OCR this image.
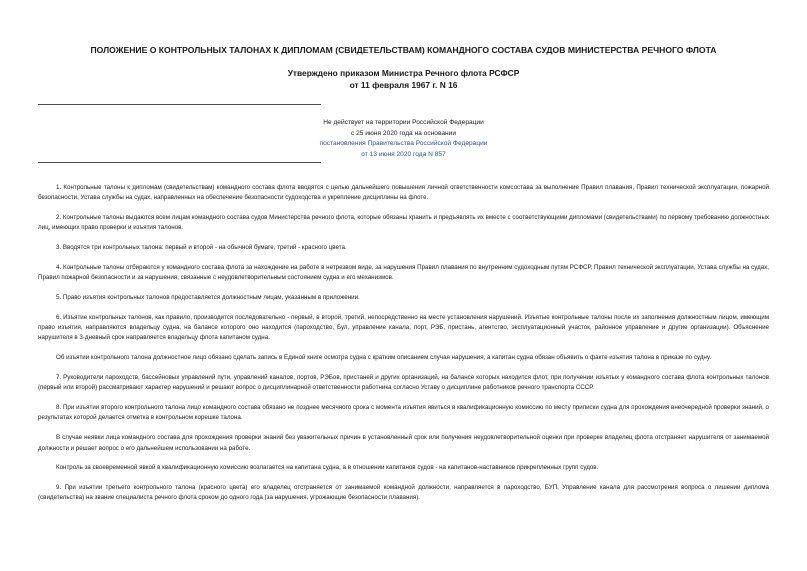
ПОЛОЖЕНИЕ О КОНТРОЛЬНЫХ ТАЛОНАХ К ДИПЛОМАМ (СВИДЕТЕЛЬСТВАМ) КОМАНДНОГО СОСТАВА СУДОВ МИНИСТЕРСТВА РЕЧНОГО ФЛОТА
Утверждено приказом Министра Речного флота РСФСР
от 11 февраля 1967 г. N 16
Не действует на территории Российской Федерации
с 25 июня 2020 года на основании
постановления Правительства Российской Федерации
от 13 июня 2020 года N 857

1. Контрольные талоны к дипломам (свидетельствам) командного состава флота вводятся с целью дальнейшего повышения личной ответственности комсостава за выполнение Правил плавания, Правил технической эксплуатации, пожарной безопасности, Устава службы на судах, направленных на обеспечение безопасности судоходства и укрепление дисциплины на флоте.

2. Контрольные талоны выдаются всем лицам командного состава судов Министерства речного флота, которые обязаны хранить и предъявлять их вместе с соответствующими дипломами (свидетельствами) по первому требованию должностных лиц, имеющих право проверки и изъятия талонов.

3. Вводятся три контрольных талона: первый и второй - на обычной бумаге, третий - красного цвета.

4. Контрольные талоны отбираются у командного состава флота за нахождение на работе в нетрезвом виде, за нарушения Правил плавания по внутренним судоходным путям РСФСР, Правил технической эксплуатации, Устава службы на судах, Правил пожарной безопасности и за нарушения, связанные с неудовлетворительным состоянием судна и его механизмов.

5. Право изъятия контрольных талонов предоставляется должностным лицам, указанным в приложении.

6. Изъятие контрольных талонов, как правило, производится последовательно - первый, в второй, третий, непосредственно на месте установления нарушений. Изъятые контрольные талоны после их заполнения должностным лицом, имеющим право изъятия, направляются владельцу судна, на балансе которого оно находится (пароходство, Бул, управление канала, порт, РЭБ, пристань, агентство, эксплуатационный участок, районное управление и другие организации). Объяснение нарушителя в 3-дневный срок направляется владельцу флота капитаном судна.

Об изъятии контрольного талона должностное лицо обязано сделать запись в Единой книге осмотра судна с кратким описанием случая нарушения, а капитан судна обязан объявить о факте изъятия талона в приказе по судну.

7. Руководители пароходств, бассейновых управлений пути, управлений каналов, портов, РЭБов, пристаней и других организаций, на балансе которых находится флот, при получении изъятых у командного состава флота контрольных талонов (первый или второй) рассматривают характер нарушений и решают вопрос о дисциплинарной ответственности работника согласно Уставу о дисциплине работников речного транспорта СССР.

8. При изъятии второго контрольного талона лицо командного состава обязано не позднее месячного срока с момента изъятия явиться в квалификационную комиссию по месту приписки судна для прохождения внеочередной проверки знаний, о результатах которой делается отметка в контрольном корешке талона.

В случае неявки лица командного состава для прохождения проверки знаний без уважительных причин в установленный срок или получения неудовлетворительной оценки при проверке владелец флота отстраняет нарушителя от занимаемой должности и решает вопрос о его дальнейшем использовании на работе.

Контроль за своевременной явкой в квалификационную комиссию возлагается на капитана судна, а в отношении капитанов судов - на капитанов-наставников прикрепленных групп судов.

9. При изъятии третьего контрольного талона (красного цвета) его владелец отстраняется от занимаемой командной должности, направляется в пароходство, БУП, Управление канала для рассмотрения вопроса о лишении диплома (свидетельства) на звание специалиста речного флота сроком до одного года (за нарушения, угрожающие безопасности плавания).
